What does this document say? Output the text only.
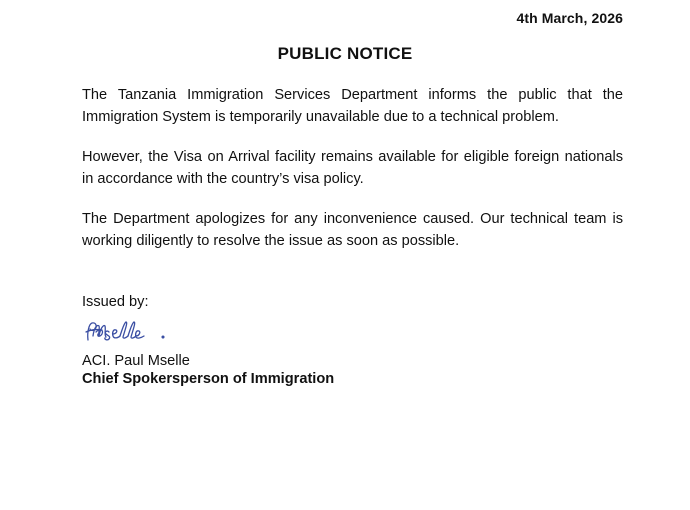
4th March, 2026
PUBLIC NOTICE

The Tanzania Immigration Services Department informs the public that the Immigration System is temporarily unavailable due to a technical problem.

However, the Visa on Arrival facility remains available for eligible foreign nationals in accordance with the country’s visa policy.

The Department apologizes for any inconvenience caused. Our technical team is working diligently to resolve the issue as soon as possible.

Issued by:
ACI. Paul Mselle
Chief Spokersperson of Immigration
